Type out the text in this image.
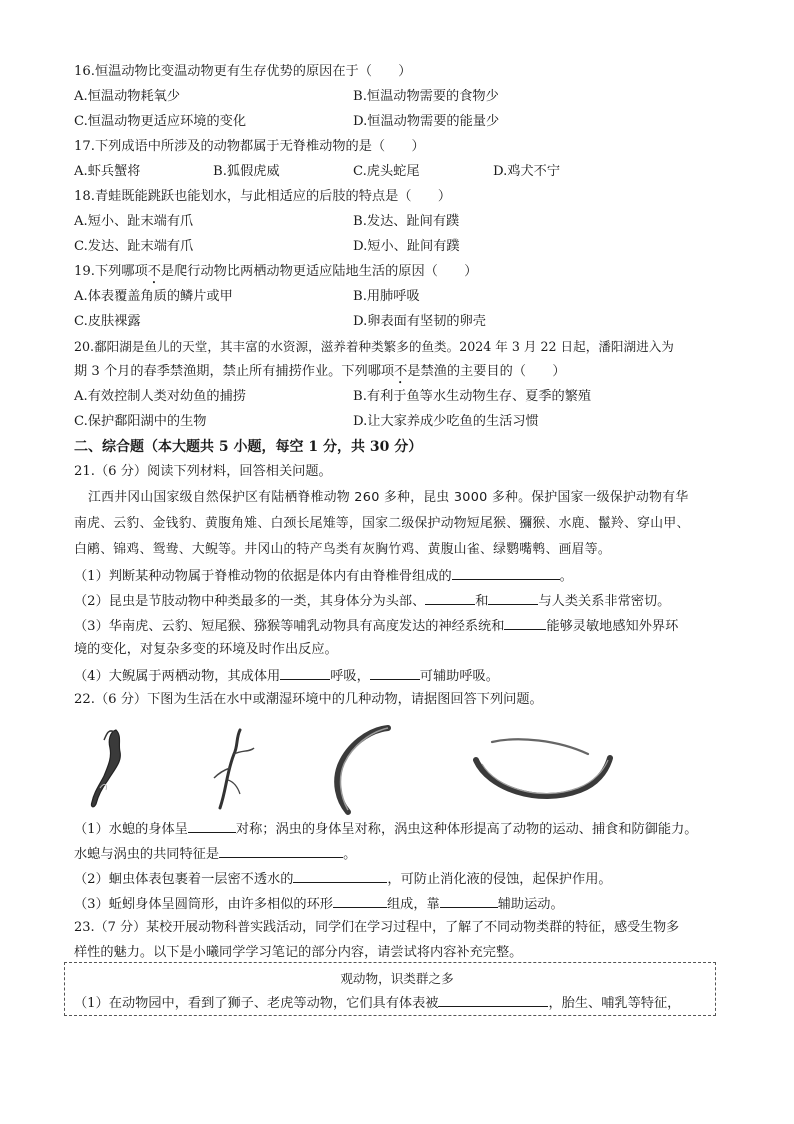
16.恒温动物比变温动物更有生存优势的原因在于（　　）
A.恒温动物耗氧少	B.恒温动物需要的食物少
C.恒温动物更适应环境的变化	D.恒温动物需要的能量少
17.下列成语中所涉及的动物都属于无脊椎动物的是（　　）
A.虾兵蟹将	B.狐假虎威	C.虎头蛇尾	D.鸡犬不宁
18.青蛙既能跳跃也能划水，与此相适应的后肢的特点是（　　）
A.短小、趾末端有爪	B.发达、趾间有蹼
C.发达、趾末端有爪	D.短小、趾间有蹼
19.下列哪项不是爬行动物比两栖动物更适应陆地生活的原因（　　）
A.体表覆盖角质的鳞片或甲	B.用肺呼吸
C.皮肤裸露	D.卵表面有坚韧的卵壳
20.鄱阳湖是鱼儿的天堂，其丰富的水资源，滋养着种类繁多的鱼类。2024 年 3 月 22 日起，潘阳湖进入为
期 3 个月的春季禁渔期，禁止所有捕捞作业。下列哪项不是禁渔的主要目的（　　）
A.有效控制人类对幼鱼的捕捞	B.有利于鱼等水生动物生存、夏季的繁殖
C.保护鄱阳湖中的生物	D.让大家养成少吃鱼的生活习惯
二、综合题（本大题共 5 小题，每空 1 分，共 30 分）
21.（6 分）阅读下列材料，回答相关问题。
江西井冈山国家级自然保护区有陆栖脊椎动物 260 多种，昆虫 3000 多种。保护国家一级保护动物有华
南虎、云豹、金钱豹、黄腹角雉、白颈长尾雉等，国家二级保护动物短尾猴、獼猴、水鹿、鬣羚、穿山甲、
白鹇、锦鸡、鸳鸯、大鲵等。井冈山的特产鸟类有灰胸竹鸡、黄腹山雀、绿鹦嘴鹎、画眉等。
（1）判断某种动物属于脊椎动物的依据是体内有由脊椎骨组成的	。
（2）昆虫是节肢动物中种类最多的一类，其身体分为头部、	和	与人类关系非常密切。
（3）华南虎、云豹、短尾猴、猕猴等哺乳动物具有高度发达的神经系统和	能够灵敏地感知外界环
境的变化，对复杂多变的环境及时作出反应。
（4）大鲵属于两栖动物，其成体用	呼吸，	可辅助呼吸。
22.（6 分）下图为生活在水中或潮湿环境中的几种动物，请据图回答下列问题。
（1）水螅的身体呈	对称；涡虫的身体呈对称，涡虫这种体形提高了动物的运动、捕食和防御能力。
水螅与涡虫的共同特征是	。
（2）蛔虫体表包裹着一层密不透水的	，可防止消化液的侵蚀，起保护作用。
（3）蚯蚓身体呈圆筒形，由许多相似的环形	组成，靠	辅助运动。
23.（7 分）某校开展动物科普实践活动，同学们在学习过程中，了解了不同动物类群的特征，感受生物多
样性的魅力。以下是小曦同学学习笔记的部分内容，请尝试将内容补充完整。
观动物，识类群之多
（1）在动物园中，看到了狮子、老虎等动物，它们具有体表被	，胎生、哺乳等特征，
